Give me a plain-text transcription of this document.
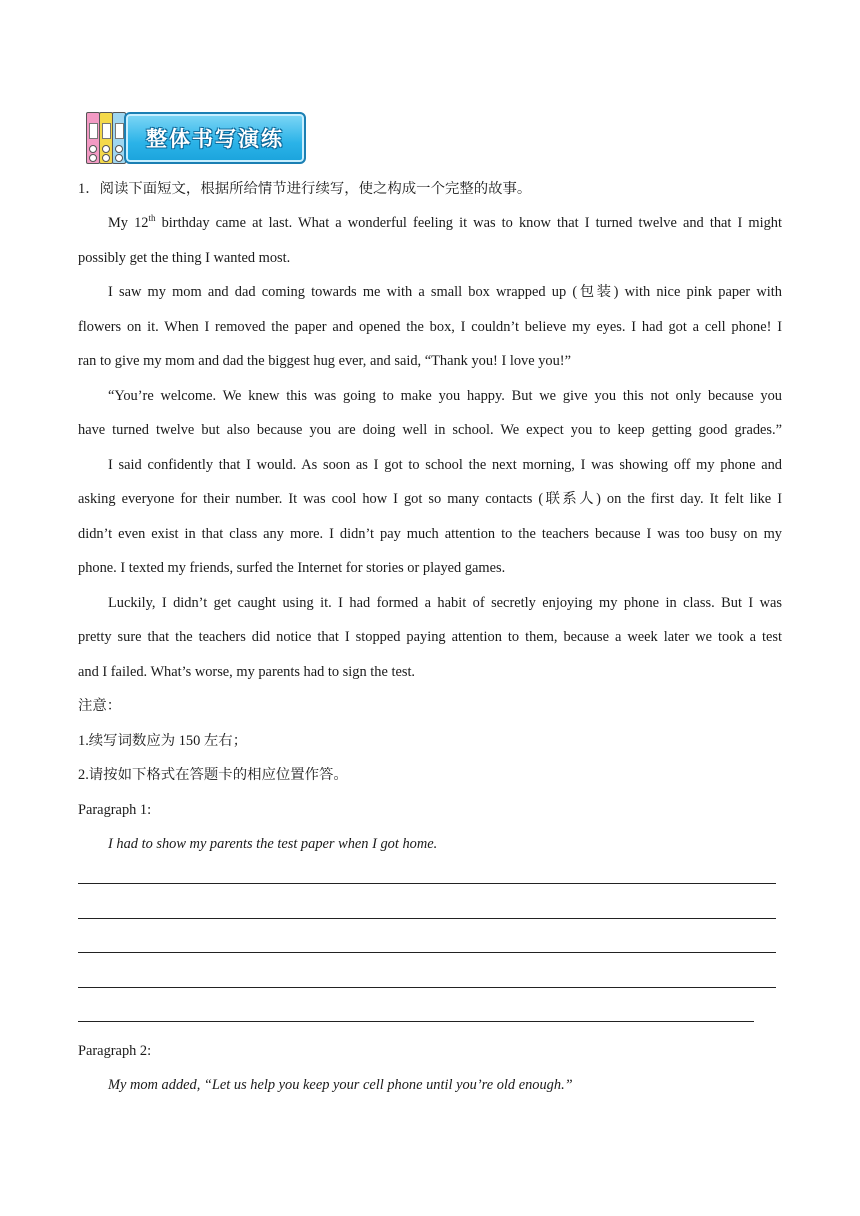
整体书写演练
1．阅读下面短文，根据所给情节进行续写，使之构成一个完整的故事。
My 12th birthday came at last. What a wonderful feeling it was to know that I turned twelve and that I might
possibly get the thing I wanted most.
I saw my mom and dad coming towards me with a small box wrapped up (包装) with nice pink paper with
flowers on it. When I removed the paper and opened the box, I couldn’t believe my eyes. I had got a cell phone! I
ran to give my mom and dad the biggest hug ever, and said, “Thank you! I love you!”
“You’re welcome. We knew this was going to make you happy. But we give you this not only because you
have turned twelve but also because you are doing well in school. We expect you to keep getting good grades.”
I said confidently that I would. As soon as I got to school the next morning, I was showing off my phone and
asking everyone for their number. It was cool how I got so many contacts (联系人) on the first day. It felt like I
didn’t even exist in that class any more. I didn’t pay much attention to the teachers because I was too busy on my
phone. I texted my friends, surfed the Internet for stories or played games.
Luckily, I didn’t get caught using it. I had formed a habit of secretly enjoying my phone in class. But I was
pretty sure that the teachers did notice that I stopped paying attention to them, because a week later we took a test
and I failed. What’s worse, my parents had to sign the test.
注意：
1.续写词数应为 150 左右；
2.请按如下格式在答题卡的相应位置作答。
Paragraph 1:
I had to show my parents the test paper when I got home.
Paragraph 2:
My mom added, “Let us help you keep your cell phone until you’re old enough.”
